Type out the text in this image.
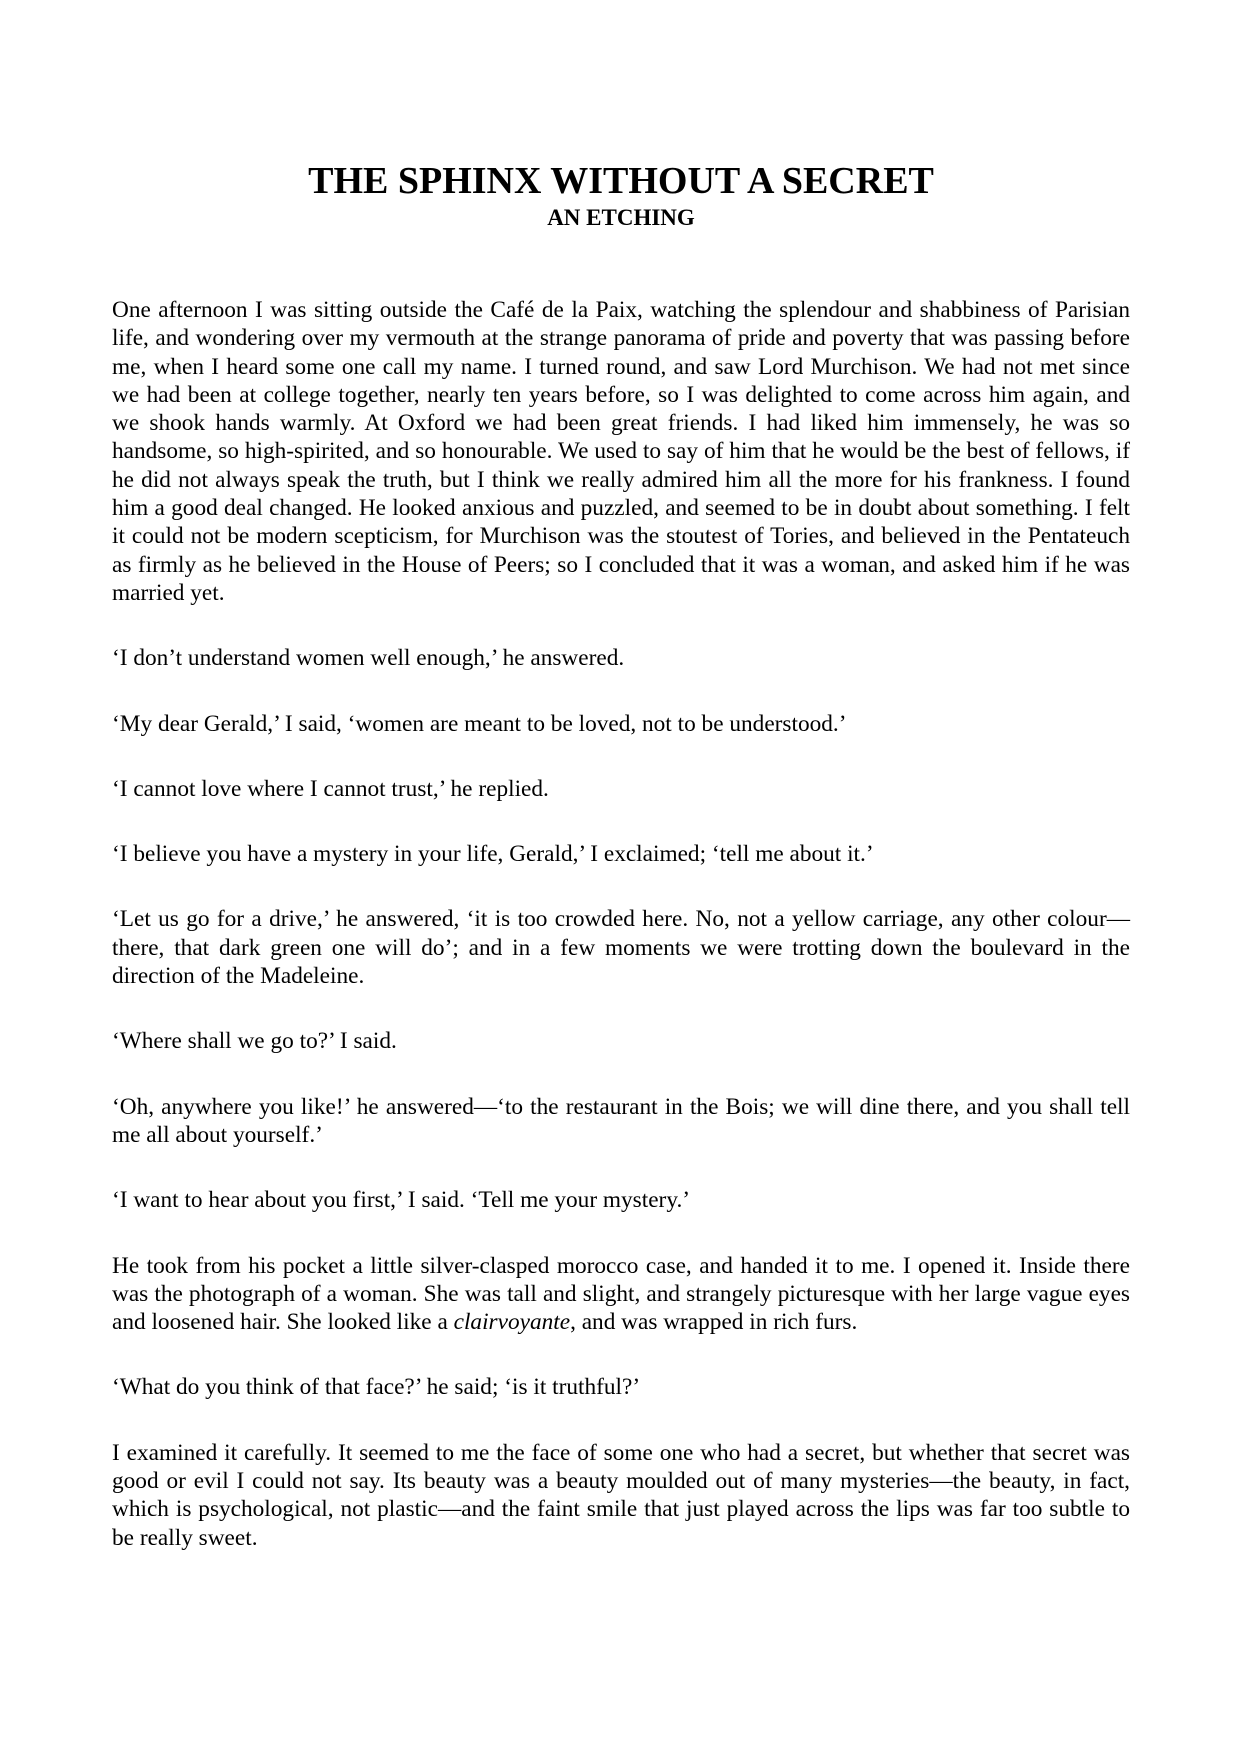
THE SPHINX WITHOUT A SECRET
AN ETCHING

One afternoon I was sitting outside the Café de la Paix, watching the splendour and shabbiness of Parisian life, and wondering over my vermouth at the strange panorama of pride and poverty that was passing before me, when I heard some one call my name. I turned round, and saw Lord Murchison. We had not met since we had been at college together, nearly ten years before, so I was delighted to come across him again, and we shook hands warmly. At Oxford we had been great friends. I had liked him immensely, he was so handsome, so high-spirited, and so honourable. We used to say of him that he would be the best of fellows, if he did not always speak the truth, but I think we really admired him all the more for his frankness. I found him a good deal changed. He looked anxious and puzzled, and seemed to be in doubt about something. I felt it could not be modern scepticism, for Murchison was the stoutest of Tories, and believed in the Pentateuch as firmly as he believed in the House of Peers; so I concluded that it was a woman, and asked him if he was married yet.

‘I don’t understand women well enough,’ he answered.

‘My dear Gerald,’ I said, ‘women are meant to be loved, not to be understood.’

‘I cannot love where I cannot trust,’ he replied.

‘I believe you have a mystery in your life, Gerald,’ I exclaimed; ‘tell me about it.’

‘Let us go for a drive,’ he answered, ‘it is too crowded here. No, not a yellow carriage, any other colour—there, that dark green one will do’; and in a few moments we were trotting down the boulevard in the direction of the Madeleine.

‘Where shall we go to?’ I said.

‘Oh, anywhere you like!’ he answered—‘to the restaurant in the Bois; we will dine there, and you shall tell me all about yourself.’

‘I want to hear about you first,’ I said. ‘Tell me your mystery.’

He took from his pocket a little silver-clasped morocco case, and handed it to me. I opened it. Inside there was the photograph of a woman. She was tall and slight, and strangely picturesque with her large vague eyes and loosened hair. She looked like a clairvoyante, and was wrapped in rich furs.

‘What do you think of that face?’ he said; ‘is it truthful?’

I examined it carefully. It seemed to me the face of some one who had a secret, but whether that secret was good or evil I could not say. Its beauty was a beauty moulded out of many mysteries—the beauty, in fact, which is psychological, not plastic—and the faint smile that just played across the lips was far too subtle to be really sweet.
